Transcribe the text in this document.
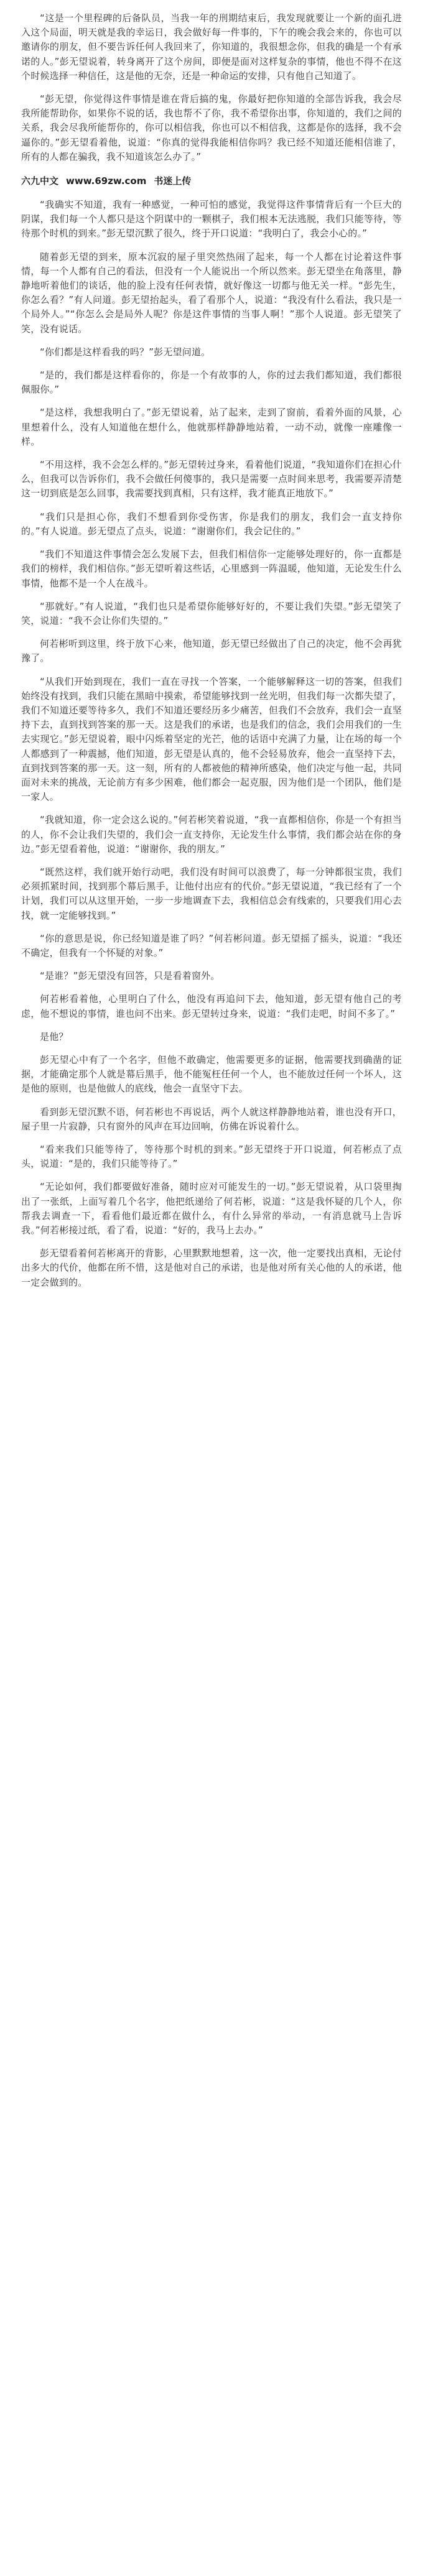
“这是一个里程碑的后备队员，当我一年的刑期结束后，我发现就要让一个新的面孔进入这个局面，明天就是我的幸运日，我会做好每一件事的，下午的晚会我会来的，你也可以邀请你的朋友，但不要告诉任何人我回来了，你知道的，我很想念你，但我的确是一个有承诺的人。”彭无望说着，转身离开了这个房间，即便是面对这样复杂的事情，他也不得不在这个时候选择一种信任，这是他的无奈，还是一种命运的安排，只有他自己知道了。

“彭无望，你觉得这件事情是谁在背后搞的鬼，你最好把你知道的全部告诉我，我会尽我所能帮助你，如果你不说的话，我也帮不了你，我不希望你出事，你知道的，我们之间的关系，我会尽我所能帮你的，你可以相信我，你也可以不相信我，这都是你的选择，我不会逼你的。”彭无望看着他，说道：“你真的觉得我能相信你吗？我已经不知道还能相信谁了，所有的人都在骗我，我不知道该怎么办了。”

六九中文 www.69zw.com 书迷上传

“我确实不知道，我有一种感觉，一种可怕的感觉，我觉得这件事情背后有一个巨大的阴谋，我们每一个人都只是这个阴谋中的一颗棋子，我们根本无法逃脱，我们只能等待，等待那个时机的到来。”彭无望沉默了很久，终于开口说道：“我明白了，我会小心的。”

随着彭无望的到来，原本沉寂的屋子里突然热闹了起来，每一个人都在讨论着这件事情，每一个人都有自己的看法，但没有一个人能说出一个所以然来。彭无望坐在角落里，静静地听着他们的谈话，他的脸上没有任何表情，就好像这一切都与他无关一样。“彭先生，你怎么看？”有人问道。彭无望抬起头，看了看那个人，说道：“我没有什么看法，我只是一个局外人。”“你怎么会是局外人呢？你是这件事情的当事人啊！”那个人说道。彭无望笑了笑，没有说话。

“你们都是这样看我的吗？”彭无望问道。

“是的，我们都是这样看你的，你是一个有故事的人，你的过去我们都知道，我们都很佩服你。”

“是这样，我想我明白了。”彭无望说着，站了起来，走到了窗前，看着外面的风景，心里想着什么，没有人知道他在想什么，他就那样静静地站着，一动不动，就像一座雕像一样。

“不用这样，我不会怎么样的。”彭无望转过身来，看着他们说道，“我知道你们在担心什么，但我可以告诉你们，我不会做任何傻事的，我只是需要一点时间来思考，我需要弄清楚这一切到底是怎么回事，我需要找到真相，只有这样，我才能真正地放下。”

“我们只是担心你，我们不想看到你受伤害，你是我们的朋友，我们会一直支持你的。”有人说道。彭无望点了点头，说道：“谢谢你们，我会记住的。”

“我们不知道这件事情会怎么发展下去，但我们相信你一定能够处理好的，你一直都是我们的榜样，我们相信你。”彭无望听着这些话，心里感到一阵温暖，他知道，无论发生什么事情，他都不是一个人在战斗。

“那就好。”有人说道，“我们也只是希望你能够好好的，不要让我们失望。”彭无望笑了笑，说道：“我不会让你们失望的。”

何若彬听到这里，终于放下心来，他知道，彭无望已经做出了自己的决定，他不会再犹豫了。

“从我们开始到现在，我们一直在寻找一个答案，一个能够解释这一切的答案，但我们始终没有找到，我们只能在黑暗中摸索，希望能够找到一丝光明，但我们每一次都失望了，我们不知道还要等待多久，我们不知道还要经历多少痛苦，但我们不会放弃，我们会一直坚持下去，直到找到答案的那一天。这是我们的承诺，也是我们的信念，我们会用我们的一生去实现它。”彭无望说着，眼中闪烁着坚定的光芒，他的话语中充满了力量，让在场的每一个人都感到了一种震撼，他们知道，彭无望是认真的，他不会轻易放弃，他会一直坚持下去，直到找到答案的那一天。这一刻，所有的人都被他的精神所感染，他们决定与他一起，共同面对未来的挑战，无论前方有多少困难，他们都会一起克服，因为他们是一个团队，他们是一家人。

“我就知道，你一定会这么说的。”何若彬笑着说道，“我一直都相信你，你是一个有担当的人，你不会让我们失望的，我们会一直支持你，无论发生什么事情，我们都会站在你的身边。”彭无望看着他，说道：“谢谢你，我的朋友。”

“既然这样，我们就开始行动吧，我们没有时间可以浪费了，每一分钟都很宝贵，我们必须抓紧时间，找到那个幕后黑手，让他付出应有的代价。”彭无望说道，“我已经有了一个计划，我们可以从这里开始，一步一步地调查下去，我相信总会有线索的，只要我们用心去找，就一定能够找到。”

“你的意思是说，你已经知道是谁了吗？”何若彬问道。彭无望摇了摇头，说道：“我还不确定，但我有一个怀疑的对象。”

“是谁？”彭无望没有回答，只是看着窗外。

何若彬看着他，心里明白了什么，他没有再追问下去，他知道，彭无望有他自己的考虑，他不想说的事情，谁也问不出来。彭无望转过身来，说道：“我们走吧，时间不多了。”

是他？

彭无望心中有了一个名字，但他不敢确定，他需要更多的证据，他需要找到确凿的证据，才能确定那个人就是幕后黑手，他不能冤枉任何一个人，也不能放过任何一个坏人，这是他的原则，也是他做人的底线，他会一直坚守下去。

看到彭无望沉默不语，何若彬也不再说话，两个人就这样静静地站着，谁也没有开口，屋子里一片寂静，只有窗外的风声在耳边回响，仿佛在诉说着什么。

“看来我们只能等待了，等待那个时机的到来。”彭无望终于开口说道，何若彬点了点头，说道：“是的，我们只能等待了。”

“无论如何，我们都要做好准备，随时应对可能发生的一切。”彭无望说着，从口袋里掏出了一张纸，上面写着几个名字，他把纸递给了何若彬，说道：“这是我怀疑的几个人，你帮我去调查一下，看看他们最近都在做什么，有什么异常的举动，一有消息就马上告诉我。”何若彬接过纸，看了看，说道：“好的，我马上去办。”

彭无望看着何若彬离开的背影，心里默默地想着，这一次，他一定要找出真相，无论付出多大的代价，他都在所不惜，这是他对自己的承诺，也是他对所有关心他的人的承诺，他一定会做到的。
